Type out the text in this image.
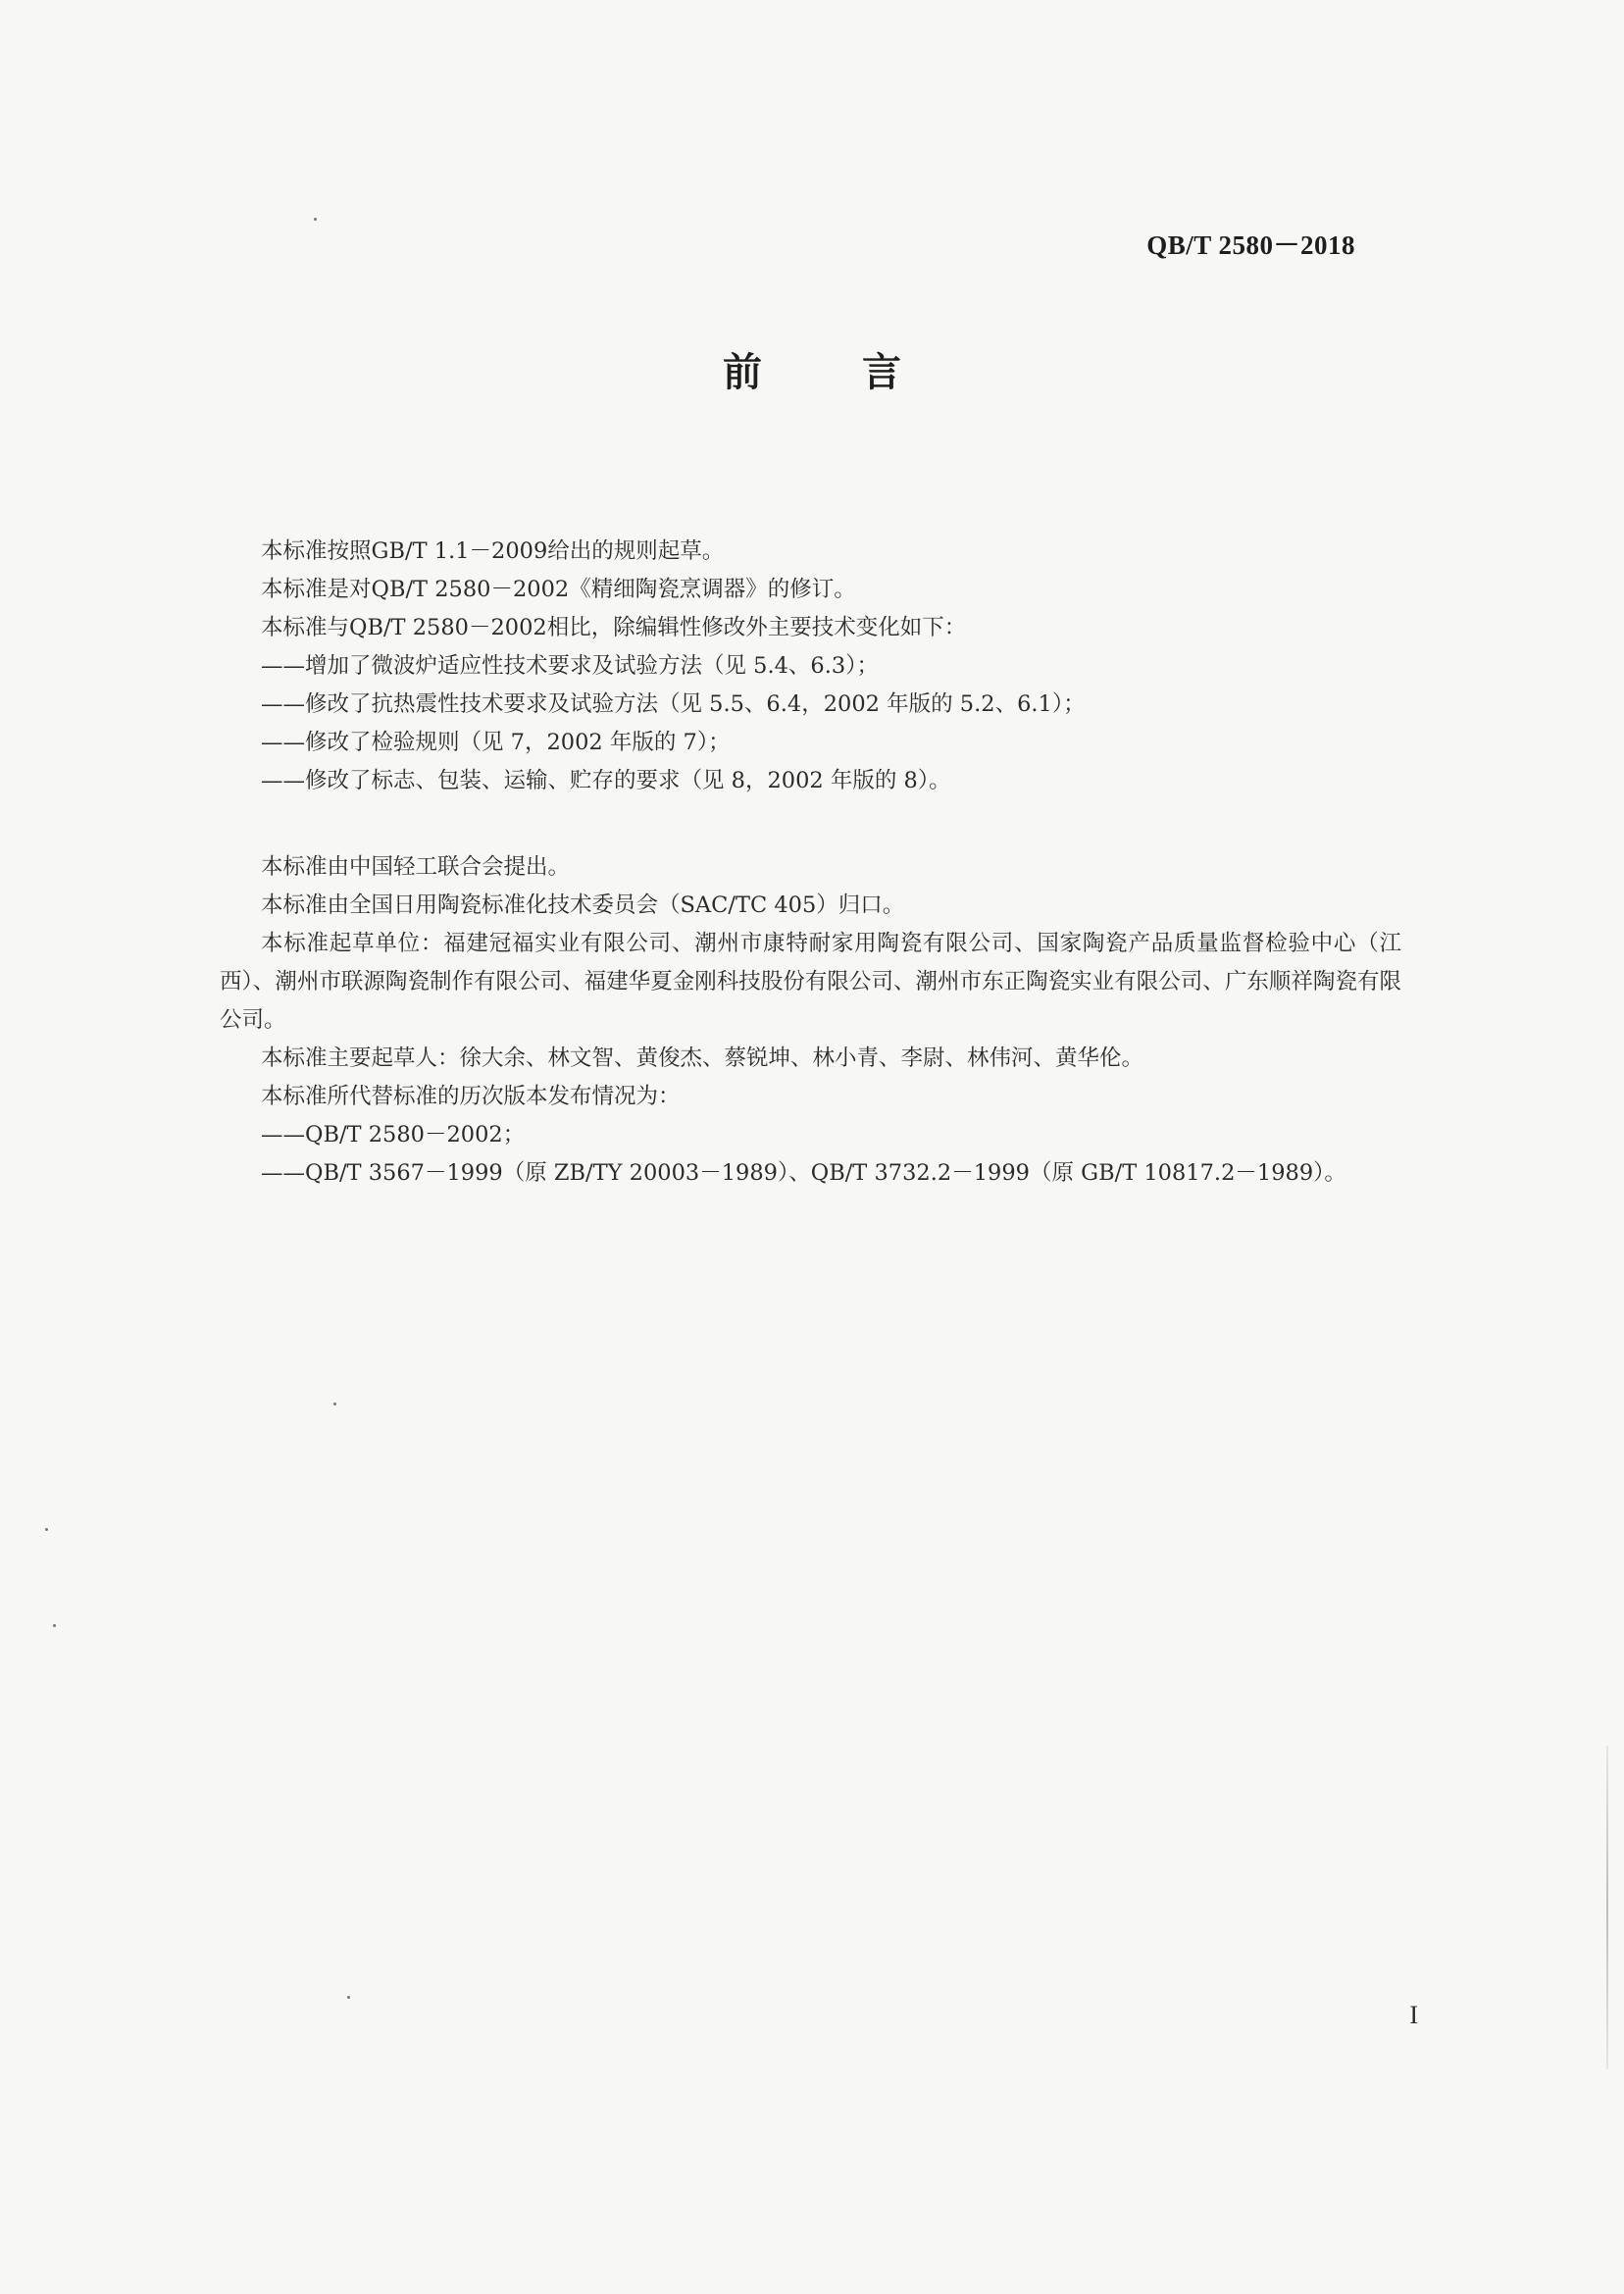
QB/T 2580－2018
前 言

本标准按照GB/T 1.1－2009给出的规则起草。

本标准是对QB/T 2580－2002《精细陶瓷烹调器》的修订。

本标准与QB/T 2580－2002相比，除编辑性修改外主要技术变化如下：

——增加了微波炉适应性技术要求及试验方法（见 5.4、6.3）；

——修改了抗热震性技术要求及试验方法（见 5.5、6.4，2002 年版的 5.2、6.1）；

——修改了检验规则（见 7，2002 年版的 7）；

——修改了标志、包装、运输、贮存的要求（见 8，2002 年版的 8）。

本标准由中国轻工联合会提出。

本标准由全国日用陶瓷标准化技术委员会（SAC/TC 405）归口。

本标准起草单位：福建冠福实业有限公司、潮州市康特耐家用陶瓷有限公司、国家陶瓷产品质量监督检验中心（江西）、潮州市联源陶瓷制作有限公司、福建华夏金刚科技股份有限公司、潮州市东正陶瓷实业有限公司、广东顺祥陶瓷有限公司。

本标准主要起草人：徐大余、林文智、黄俊杰、蔡锐坤、林小青、李尉、林伟河、黄华伦。

本标准所代替标准的历次版本发布情况为：

——QB/T 2580－2002；

——QB/T 3567－1999（原 ZB/TY 20003－1989）、QB/T 3732.2－1999（原 GB/T 10817.2－1989）。

I
